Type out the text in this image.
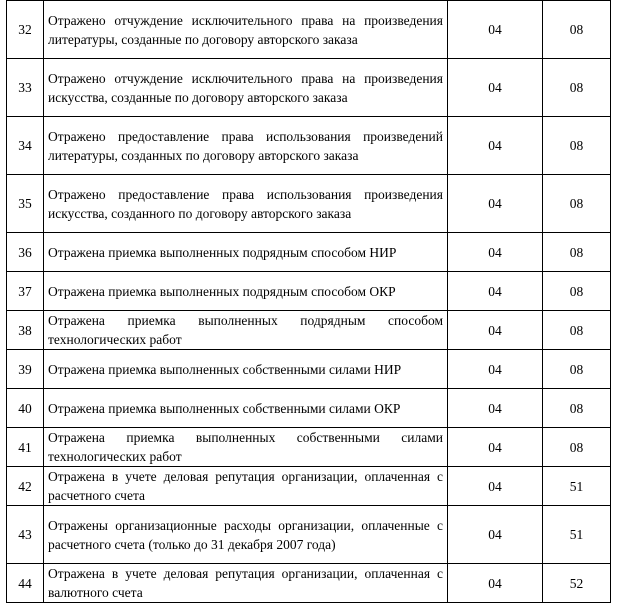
32	Отражено отчуждение исключительного права на произведения литературы, созданные по договору авторского заказа	04	08
33	Отражено отчуждение исключительного права на произведения искусства, созданные по договору авторского заказа	04	08
34	Отражено предоставление права использования произведений литературы, созданных по договору авторского заказа	04	08
35	Отражено предоставление права использования произведения искусства, созданного по договору авторского заказа	04	08
36	Отражена приемка выполненных подрядным способом НИР	04	08
37	Отражена приемка выполненных подрядным способом ОКР	04	08
38	Отражена приемка выполненных подрядным способом технологических работ	04	08
39	Отражена приемка выполненных собственными силами НИР	04	08
40	Отражена приемка выполненных собственными силами ОКР	04	08
41	Отражена приемка выполненных собственными силами технологических работ	04	08
42	Отражена в учете деловая репутация организации, оплаченная с расчетного счета	04	51
43	Отражены организационные расходы организации, оплаченные с расчетного счета (только до 31 декабря 2007 года)	04	51
44	Отражена в учете деловая репутация организации, оплаченная с валютного счета	04	52
